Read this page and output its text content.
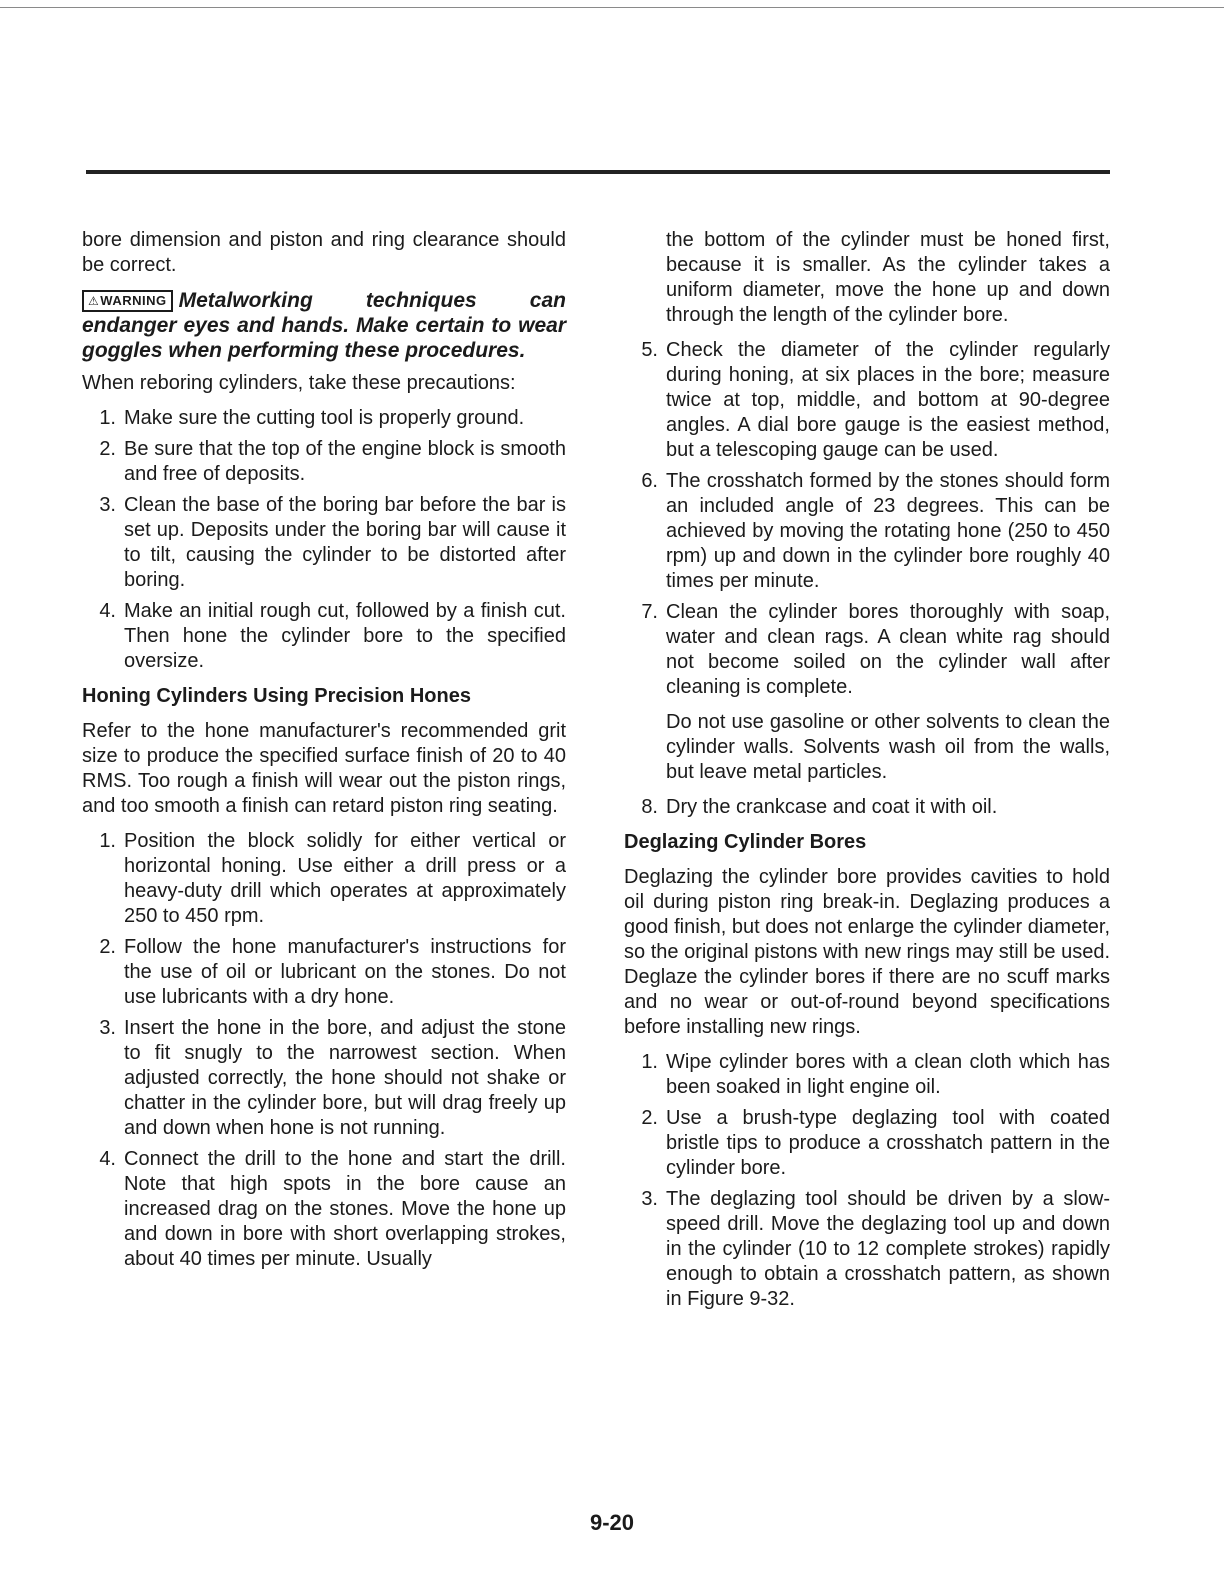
bore dimension and piston and ring clearance should be correct.

⚠WARNING Metalworking techniques can endanger eyes and hands. Make certain to wear goggles when performing these procedures.

When reboring cylinders, take these precautions:

1. Make sure the cutting tool is properly ground.
2. Be sure that the top of the engine block is smooth and free of deposits.
3. Clean the base of the boring bar before the bar is set up. Deposits under the boring bar will cause it to tilt, causing the cylinder to be distorted after boring.
4. Make an initial rough cut, followed by a finish cut. Then hone the cylinder bore to the specified oversize.
Honing Cylinders Using Precision Hones

Refer to the hone manufacturer's recommended grit size to produce the specified surface finish of 20 to 40 RMS. Too rough a finish will wear out the piston rings, and too smooth a finish can retard piston ring seating.

1. Position the block solidly for either vertical or horizontal honing. Use either a drill press or a heavy-duty drill which operates at approximately 250 to 450 rpm.
2. Follow the hone manufacturer's instructions for the use of oil or lubricant on the stones. Do not use lubricants with a dry hone.
3. Insert the hone in the bore, and adjust the stone to fit snugly to the narrowest section. When adjusted correctly, the hone should not shake or chatter in the cylinder bore, but will drag freely up and down when hone is not running.
4. Connect the drill to the hone and start the drill. Note that high spots in the bore cause an increased drag on the stones. Move the hone up and down in bore with short overlapping strokes, about 40 times per minute. Usually

the bottom of the cylinder must be honed first, because it is smaller. As the cylinder takes a uniform diameter, move the hone up and down through the length of the cylinder bore.

5. Check the diameter of the cylinder regularly during honing, at six places in the bore; measure twice at top, middle, and bottom at 90-degree angles. A dial bore gauge is the easiest method, but a telescoping gauge can be used.
6. The crosshatch formed by the stones should form an included angle of 23 degrees. This can be achieved by moving the rotating hone (250 to 450 rpm) up and down in the cylinder bore roughly 40 times per minute.
7. Clean the cylinder bores thoroughly with soap, water and clean rags. A clean white rag should not become soiled on the cylinder wall after cleaning is complete.

Do not use gasoline or other solvents to clean the cylinder walls. Solvents wash oil from the walls, but leave metal particles.

8. Dry the crankcase and coat it with oil.
Deglazing Cylinder Bores

Deglazing the cylinder bore provides cavities to hold oil during piston ring break-in. Deglazing produces a good finish, but does not enlarge the cylinder diameter, so the original pistons with new rings may still be used. Deglaze the cylinder bores if there are no scuff marks and no wear or out-of-round beyond specifications before installing new rings.

1. Wipe cylinder bores with a clean cloth which has been soaked in light engine oil.
2. Use a brush-type deglazing tool with coated bristle tips to produce a crosshatch pattern in the cylinder bore.
3. The deglazing tool should be driven by a slow-speed drill. Move the deglazing tool up and down in the cylinder (10 to 12 complete strokes) rapidly enough to obtain a crosshatch pattern, as shown in Figure 9-32.
9-20
